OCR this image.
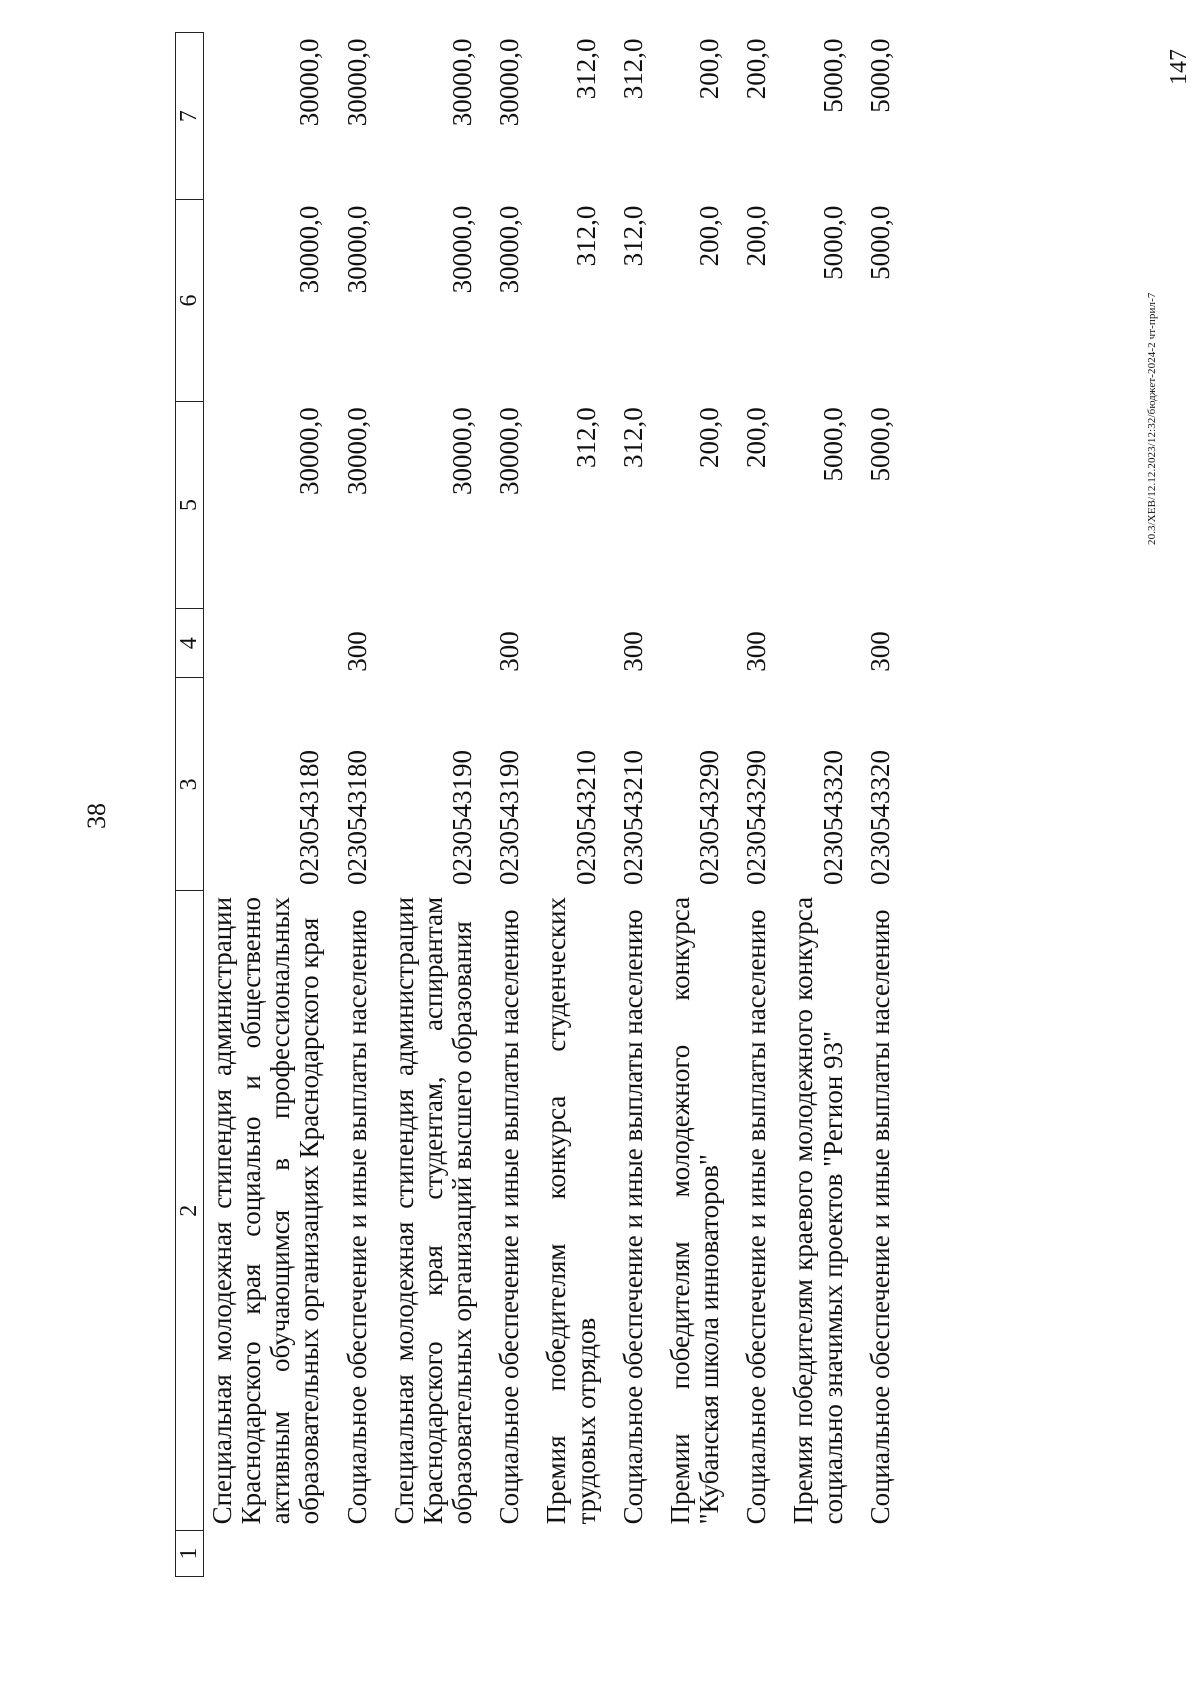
38
1	2	3	4	5	6	7
	Специальная молодежная стипендия администрации Краснодарского края социально и общественно активным обучающимся в профессиональных образовательных организациях Краснодарского края	0230543180		30000,0	30000,0	30000,0
	Социальное обеспечение и иные выплаты населению	0230543180	300	30000,0	30000,0	30000,0
	Специальная молодежная стипендия администрации Краснодарского края студентам, аспирантам образовательных организаций высшего образования	0230543190		30000,0	30000,0	30000,0
	Социальное обеспечение и иные выплаты населению	0230543190	300	30000,0	30000,0	30000,0
	Премия победителям конкурса студенческих трудовых отрядов	0230543210		312,0	312,0	312,0
	Социальное обеспечение и иные выплаты населению	0230543210	300	312,0	312,0	312,0
	Премии победителям молодежного конкурса "Кубанская школа инноваторов"	0230543290		200,0	200,0	200,0
	Социальное обеспечение и иные выплаты населению	0230543290	300	200,0	200,0	200,0
	Премия победителям краевого молодежного конкурса социально значимых проектов "Регион 93"	0230543320		5000,0	5000,0	5000,0
	Социальное обеспечение и иные выплаты населению	0230543320	300	5000,0	5000,0	5000,0
20.3/ХЕВ/12.12.2023/12:32/бюджет-2024-2 чт-прил-7
147
